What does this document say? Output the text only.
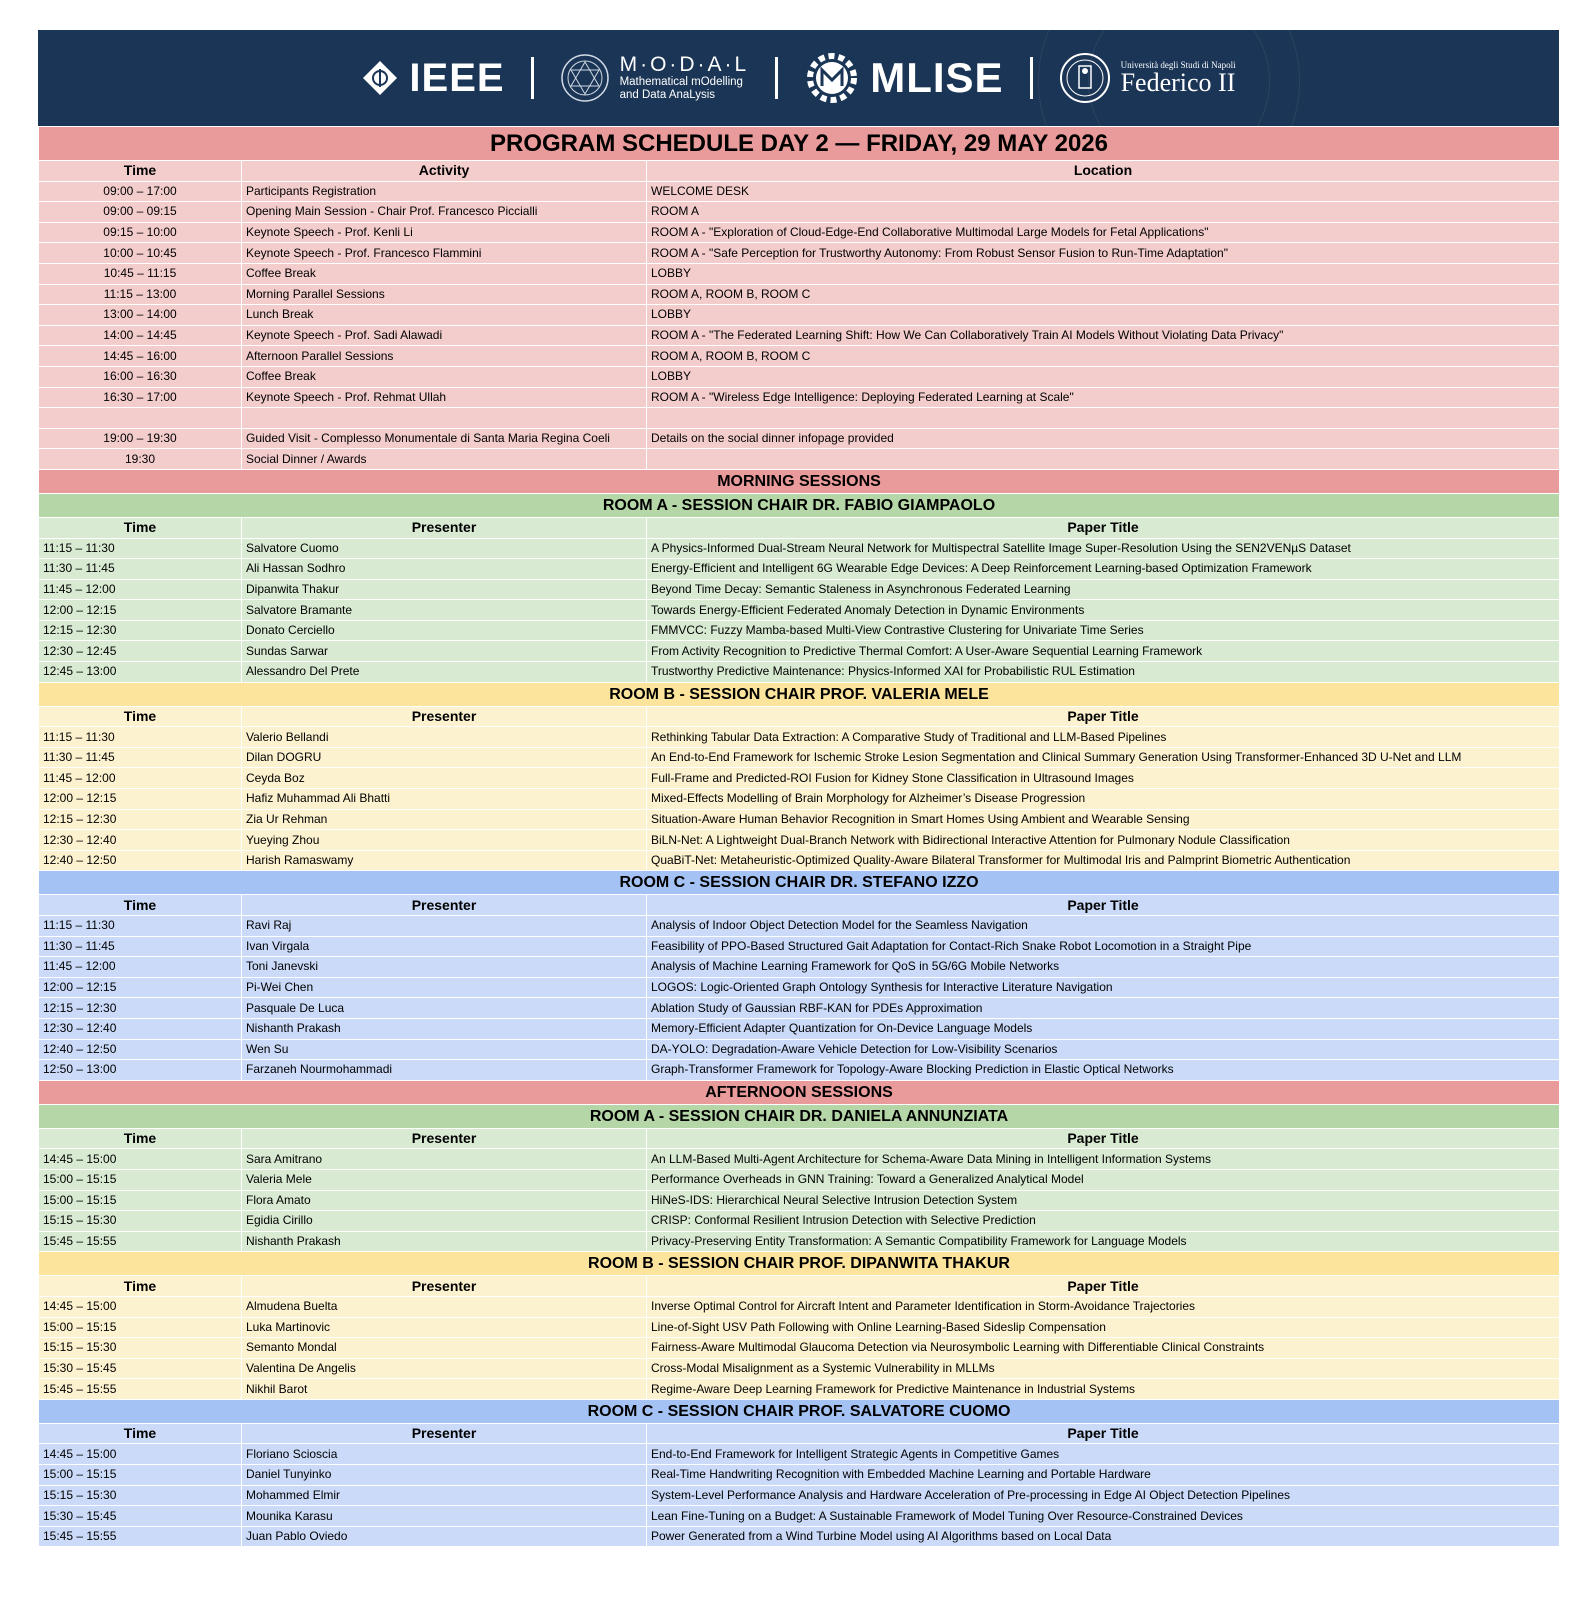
IEEE	M·O·D·A·L
Mathematical mOdelling
and Data AnaLysis	MLISE	Università degli Studi di Napoli
Federico II
PROGRAM SCHEDULE DAY 2 — FRIDAY, 29 MAY 2026		
Time	Activity	Location
09:00 – 17:00	Participants Registration	WELCOME DESK
09:00 – 09:15	Opening Main Session - Chair Prof. Francesco Piccialli	ROOM A
09:15 – 10:00	Keynote Speech - Prof. Kenli Li	ROOM A - "Exploration of Cloud-Edge-End Collaborative Multimodal Large Models for Fetal Applications"
10:00 – 10:45	Keynote Speech - Prof. Francesco Flammini	ROOM A - "Safe Perception for Trustworthy Autonomy: From Robust Sensor Fusion to Run-Time Adaptation"
10:45 – 11:15	Coffee Break	LOBBY
11:15 – 13:00	Morning Parallel Sessions	ROOM A, ROOM B, ROOM C
13:00 – 14:00	Lunch Break	LOBBY
14:00 – 14:45	Keynote Speech - Prof. Sadi Alawadi	ROOM A - "The Federated Learning Shift: How We Can Collaboratively Train AI Models Without Violating Data Privacy"
14:45 – 16:00	Afternoon Parallel Sessions	ROOM A, ROOM B, ROOM C
16:00 – 16:30	Coffee Break	LOBBY
16:30 – 17:00	Keynote Speech - Prof. Rehmat Ullah	ROOM A - "Wireless Edge Intelligence: Deploying Federated Learning at Scale"

19:00 – 19:30	Guided Visit - Complesso Monumentale di Santa Maria Regina Coeli	Details on the social dinner infopage provided
19:30	Social Dinner / Awards	
MORNING SESSIONS		
ROOM A - SESSION CHAIR DR. FABIO GIAMPAOLO		
Time	Presenter	Paper Title
11:15 – 11:30	Salvatore Cuomo	A Physics-Informed Dual-Stream Neural Network for Multispectral Satellite Image Super-Resolution Using the SEN2VENµS Dataset
11:30 – 11:45	Ali Hassan Sodhro	Energy-Efficient and Intelligent 6G Wearable Edge Devices: A Deep Reinforcement Learning-based Optimization Framework
11:45 – 12:00	Dipanwita Thakur	Beyond Time Decay: Semantic Staleness in Asynchronous Federated Learning
12:00 – 12:15	Salvatore Bramante	Towards Energy-Efficient Federated Anomaly Detection in Dynamic Environments
12:15 – 12:30	Donato Cerciello	FMMVCC: Fuzzy Mamba-based Multi-View Contrastive Clustering for Univariate Time Series
12:30 – 12:45	Sundas Sarwar	From Activity Recognition to Predictive Thermal Comfort: A User-Aware Sequential Learning Framework
12:45 – 13:00	Alessandro Del Prete	Trustworthy Predictive Maintenance: Physics-Informed XAI for Probabilistic RUL Estimation
ROOM B - SESSION CHAIR PROF. VALERIA MELE		
Time	Presenter	Paper Title
11:15 – 11:30	Valerio Bellandi	Rethinking Tabular Data Extraction: A Comparative Study of Traditional and LLM-Based Pipelines
11:30 – 11:45	Dilan DOGRU	An End-to-End Framework for Ischemic Stroke Lesion Segmentation and Clinical Summary Generation Using Transformer-Enhanced 3D U-Net and LLM
11:45 – 12:00	Ceyda Boz	Full-Frame and Predicted-ROI Fusion for Kidney Stone Classification in Ultrasound Images
12:00 – 12:15	Hafiz Muhammad Ali Bhatti	Mixed-Effects Modelling of Brain Morphology for Alzheimer’s Disease Progression
12:15 – 12:30	Zia Ur Rehman	Situation-Aware Human Behavior Recognition in Smart Homes Using Ambient and Wearable Sensing
12:30 – 12:40	Yueying Zhou	BiLN-Net: A Lightweight Dual-Branch Network with Bidirectional Interactive Attention for Pulmonary Nodule Classification
12:40 – 12:50	Harish Ramaswamy	QuaBiT-Net: Metaheuristic-Optimized Quality-Aware Bilateral Transformer for Multimodal Iris and Palmprint Biometric Authentication
ROOM C - SESSION CHAIR DR. STEFANO IZZO		
Time	Presenter	Paper Title
11:15 – 11:30	Ravi Raj	Analysis of Indoor Object Detection Model for the Seamless Navigation
11:30 – 11:45	Ivan Virgala	Feasibility of PPO-Based Structured Gait Adaptation for Contact-Rich Snake Robot Locomotion in a Straight Pipe
11:45 – 12:00	Toni Janevski	Analysis of Machine Learning Framework for QoS in 5G/6G Mobile Networks
12:00 – 12:15	Pi-Wei Chen	LOGOS: Logic-Oriented Graph Ontology Synthesis for Interactive Literature Navigation
12:15 – 12:30	Pasquale De Luca	Ablation Study of Gaussian RBF-KAN for PDEs Approximation
12:30 – 12:40	Nishanth Prakash	Memory-Efficient Adapter Quantization for On-Device Language Models
12:40 – 12:50	Wen Su	DA-YOLO: Degradation-Aware Vehicle Detection for Low-Visibility Scenarios
12:50 – 13:00	Farzaneh Nourmohammadi	Graph-Transformer Framework for Topology-Aware Blocking Prediction in Elastic Optical Networks
AFTERNOON SESSIONS		
ROOM A - SESSION CHAIR DR. DANIELA ANNUNZIATA		
Time	Presenter	Paper Title
14:45 – 15:00	Sara Amitrano	An LLM-Based Multi-Agent Architecture for Schema-Aware Data Mining in Intelligent Information Systems
15:00 – 15:15	Valeria Mele	Performance Overheads in GNN Training: Toward a Generalized Analytical Model
15:00 – 15:15	Flora Amato	HiNeS-IDS: Hierarchical Neural Selective Intrusion Detection System
15:15 – 15:30	Egidia Cirillo	CRISP: Conformal Resilient Intrusion Detection with Selective Prediction
15:45 – 15:55	Nishanth Prakash	Privacy-Preserving Entity Transformation: A Semantic Compatibility Framework for Language Models
ROOM B - SESSION CHAIR PROF. DIPANWITA THAKUR		
Time	Presenter	Paper Title
14:45 – 15:00	Almudena Buelta	Inverse Optimal Control for Aircraft Intent and Parameter Identification in Storm-Avoidance Trajectories
15:00 – 15:15	Luka Martinovic	Line-of-Sight USV Path Following with Online Learning-Based Sideslip Compensation
15:15 – 15:30	Semanto Mondal	Fairness-Aware Multimodal Glaucoma Detection via Neurosymbolic Learning with Differentiable Clinical Constraints
15:30 – 15:45	Valentina De Angelis	Cross-Modal Misalignment as a Systemic Vulnerability in MLLMs
15:45 – 15:55	Nikhil Barot	Regime-Aware Deep Learning Framework for Predictive Maintenance in Industrial Systems
ROOM C - SESSION CHAIR PROF. SALVATORE CUOMO		
Time	Presenter	Paper Title
14:45 – 15:00	Floriano Scioscia	End-to-End Framework for Intelligent Strategic Agents in Competitive Games
15:00 – 15:15	Daniel Tunyinko	Real-Time Handwriting Recognition with Embedded Machine Learning and Portable Hardware
15:15 – 15:30	Mohammed Elmir	System-Level Performance Analysis and Hardware Acceleration of Pre-processing in Edge AI Object Detection Pipelines
15:30 – 15:45	Mounika Karasu	Lean Fine-Tuning on a Budget: A Sustainable Framework of Model Tuning Over Resource-Constrained Devices
15:45 – 15:55	Juan Pablo Oviedo	Power Generated from a Wind Turbine Model using AI Algorithms based on Local Data
